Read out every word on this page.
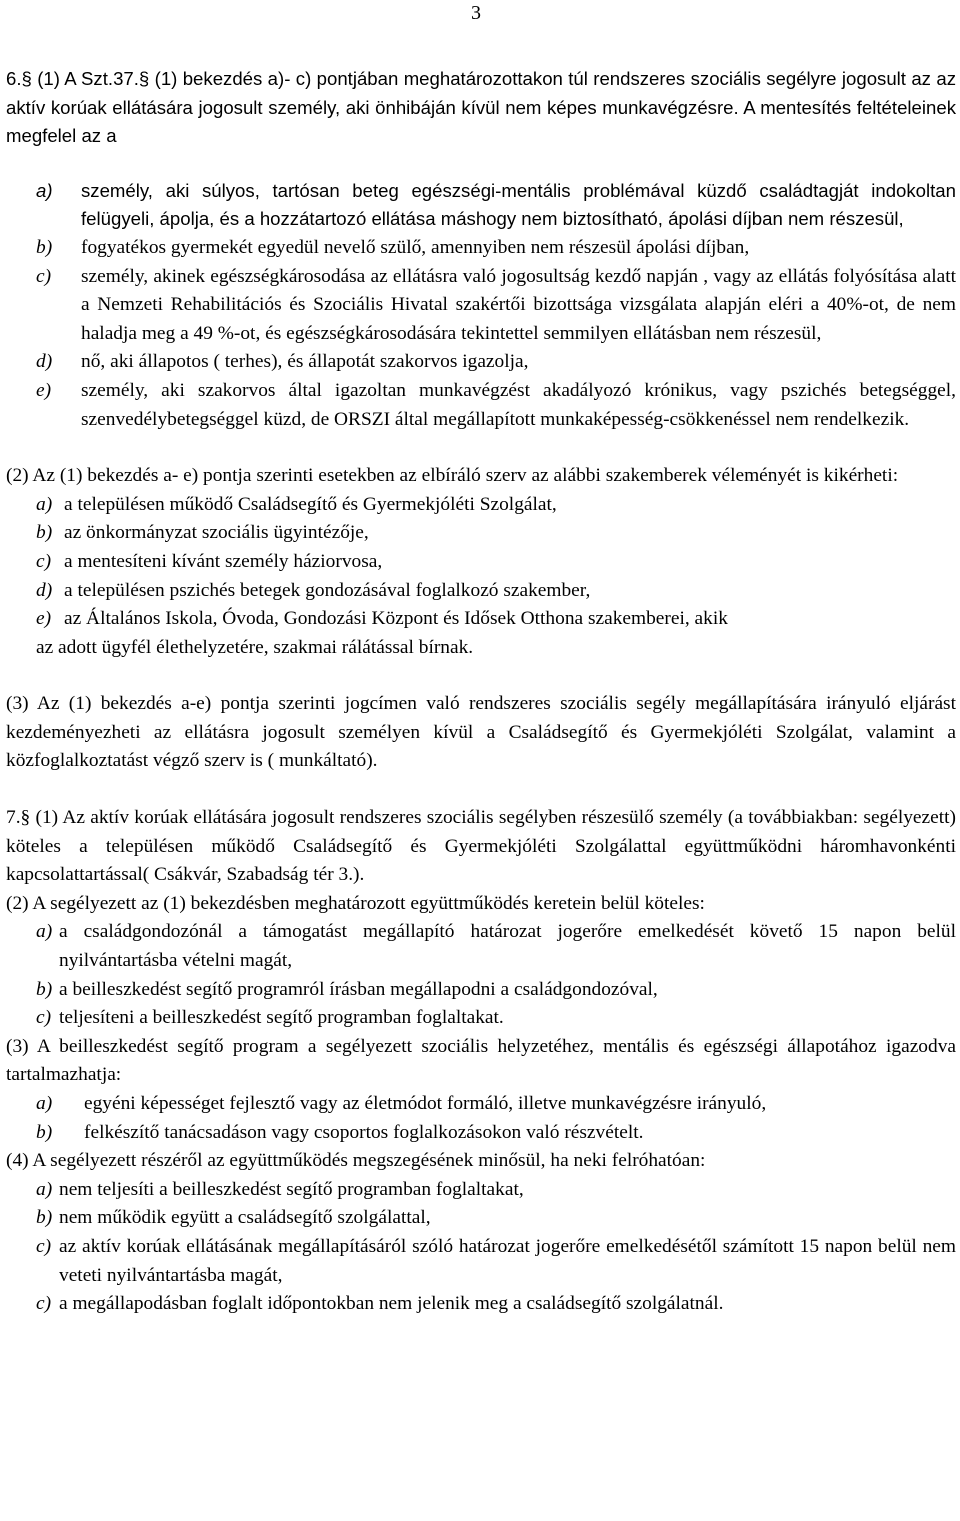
3

6.§ (1) A Szt.37.§ (1) bekezdés a)- c) pontjában meghatározottakon túl rendszeres szociális segélyre jogosult az az aktív korúak ellátására jogosult személy, aki önhibáján kívül nem képes munkavégzésre. A mentesítés feltételeinek megfelel az a

a)	személy, aki súlyos, tartósan beteg egészségi-mentális problémával küzdő családtagját indokoltan felügyeli, ápolja, és a hozzátartozó ellátása máshogy nem biztosítható, ápolási díjban nem részesül,
b)	fogyatékos gyermekét egyedül nevelő szülő, amennyiben nem részesül ápolási díjban,
c)	személy, akinek egészségkárosodása az ellátásra való jogosultság kezdő napján , vagy az ellátás folyósítása alatt a Nemzeti Rehabilitációs és Szociális Hivatal szakértői bizottsága vizsgálata alapján eléri a 40%-ot, de nem haladja meg a 49 %-ot, és egészségkárosodására tekintettel semmilyen ellátásban nem részesül,
d)	nő, aki állapotos ( terhes), és állapotát szakorvos igazolja,
e)	személy, aki szakorvos által igazoltan munkavégzést akadályozó krónikus, vagy pszichés betegséggel, szenvedélybetegséggel küzd, de ORSZI által megállapított munkaképesség-csökkenéssel nem rendelkezik.

(2) Az (1) bekezdés a- e) pontja szerinti esetekben az elbíráló szerv az alábbi szakemberek véleményét is kikérheti:

a) a településen működő Családsegítő és Gyermekjóléti Szolgálat,
b) az önkormányzat szociális ügyintézője,
c) a mentesíteni kívánt személy háziorvosa,
d) a településen pszichés betegek gondozásával foglalkozó szakember,
e) az Általános Iskola, Óvoda, Gondozási Központ és Idősek Otthona szakemberei, akik
az adott ügyfél élethelyzetére, szakmai rálátással bírnak.

(3) Az (1) bekezdés a-e) pontja szerinti jogcímen való rendszeres szociális segély megállapítására irányuló eljárást kezdeményezheti az ellátásra jogosult személyen kívül a Családsegítő és Gyermekjóléti Szolgálat, valamint a közfoglalkoztatást végző szerv is ( munkáltató).

7.§ (1) Az aktív korúak ellátására jogosult rendszeres szociális segélyben részesülő személy (a továbbiakban: segélyezett) köteles a településen működő Családsegítő és Gyermekjóléti Szolgálattal együttműködni háromhavonkénti kapcsolattartással( Csákvár, Szabadság tér 3.).

(2) A segélyezett az (1) bekezdésben meghatározott együttműködés keretein belül köteles:

a) a családgondozónál a támogatást megállapító határozat jogerőre emelkedését követő 15 napon belül nyilvántartásba vételni magát,
b) a beilleszkedést segítő programról írásban megállapodni a családgondozóval,
c) teljesíteni a beilleszkedést segítő programban foglaltakat.

(3) A beilleszkedést segítő program a segélyezett szociális helyzetéhez, mentális és egészségi állapotához igazodva tartalmazhatja:

a)	egyéni képességet fejlesztő vagy az életmódot formáló, illetve munkavégzésre irányuló,
b)	felkészítő tanácsadáson vagy csoportos foglalkozásokon való részvételt.

(4) A segélyezett részéről az együttműködés megszegésének minősül, ha neki felróhatóan:

a) nem teljesíti a beilleszkedést segítő programban foglaltakat,
b) nem működik együtt a családsegítő szolgálattal,
c) az aktív korúak ellátásának megállapításáról szóló határozat jogerőre emelkedésétől számított 15 napon belül nem veteti nyilvántartásba magát,
c) a megállapodásban foglalt időpontokban nem jelenik meg a családsegítő szolgálatnál.
